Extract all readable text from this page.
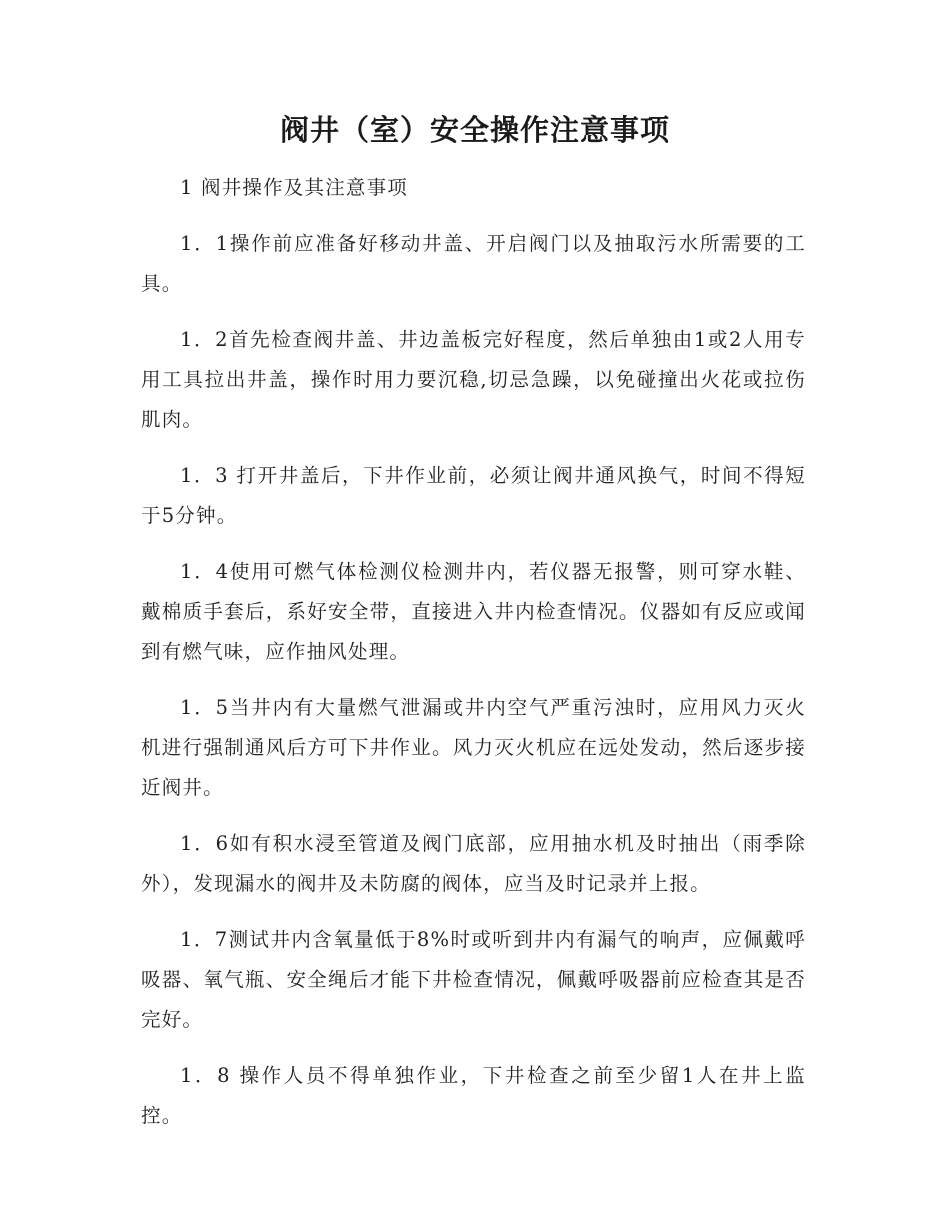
阀井（室）安全操作注意事项

1 阀井操作及其注意事项

1．1操作前应准备好移动井盖、开启阀门以及抽取污水所需要的工具。

1．2首先检查阀井盖、井边盖板完好程度，然后单独由1或2人用专用工具拉出井盖，操作时用力要沉稳,切忌急躁，以免碰撞出火花或拉伤肌肉。

1．3 打开井盖后，下井作业前，必须让阀井通风换气，时间不得短于5分钟。

1．4使用可燃气体检测仪检测井内，若仪器无报警，则可穿水鞋、戴棉质手套后，系好安全带，直接进入井内检查情况。仪器如有反应或闻到有燃气味，应作抽风处理。

1．5当井内有大量燃气泄漏或井内空气严重污浊时，应用风力灭火机进行强制通风后方可下井作业。风力灭火机应在远处发动，然后逐步接近阀井。

1．6如有积水浸至管道及阀门底部，应用抽水机及时抽出（雨季除外），发现漏水的阀井及未防腐的阀体，应当及时记录并上报。

1．7测试井内含氧量低于8%时或听到井内有漏气的响声，应佩戴呼吸器、氧气瓶、安全绳后才能下井检查情况，佩戴呼吸器前应检查其是否完好。

1．8 操作人员不得单独作业，下井检查之前至少留1人在井上监控。
